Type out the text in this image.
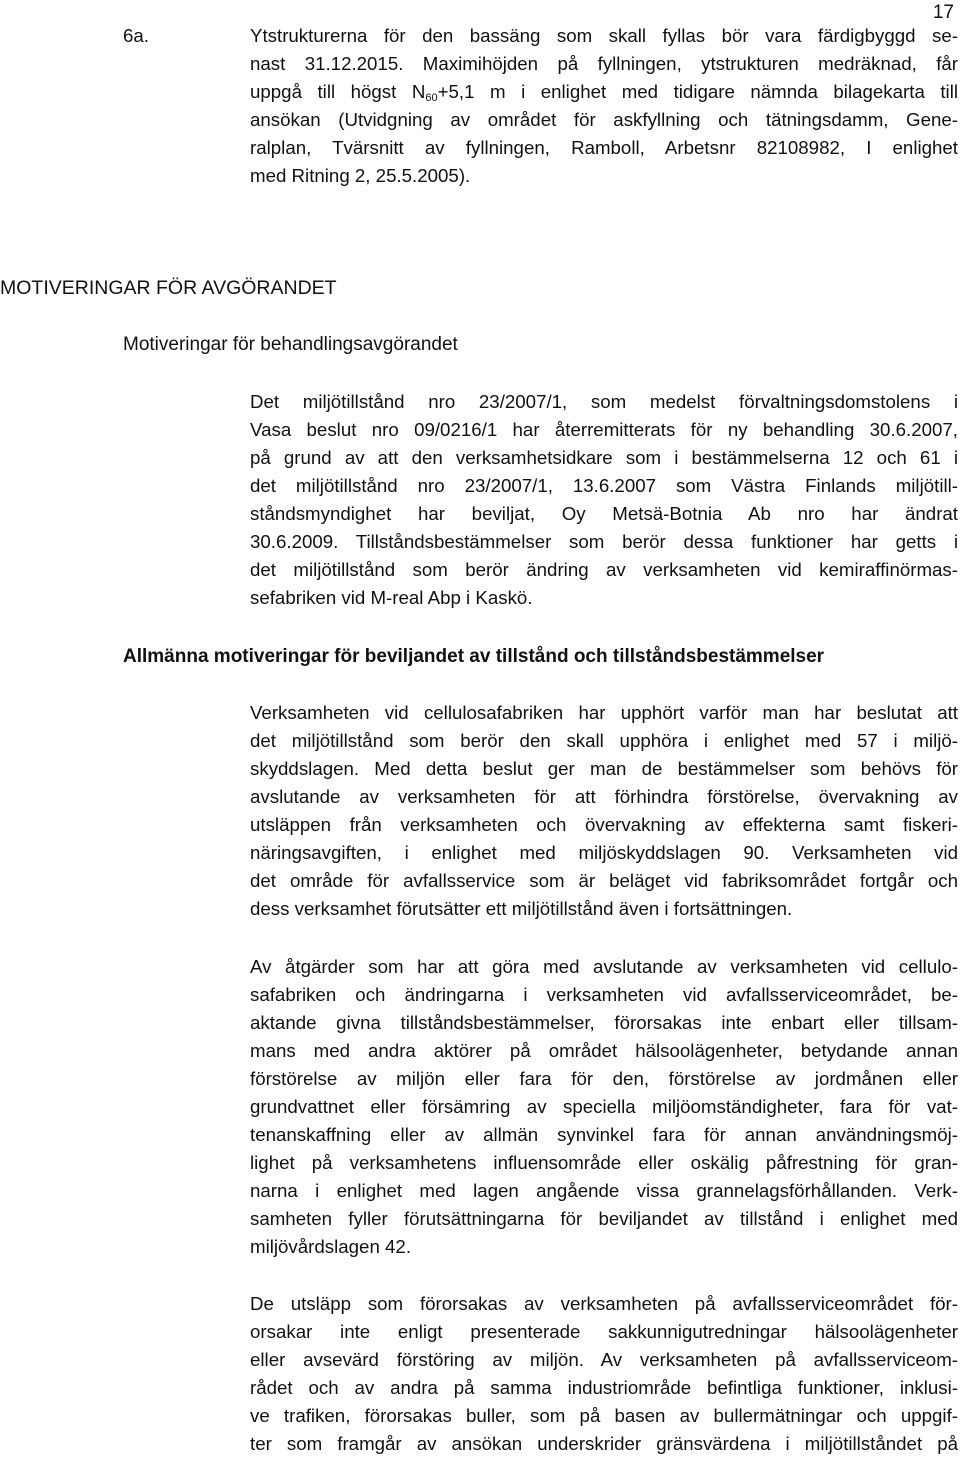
17
6a.	Ytstrukturerna för den bassäng som skall fyllas bör vara färdigbyggd se-
nast 31.12.2015. Maximihöjden på fyllningen, ytstrukturen medräknad, får
uppgå till högst $N_{60}+5,1$ m i enlighet med tidigare nämnda bilagekarta till
ansökan (Utvidgning av området för askfyllning och tätningsdamm, Gene-
ralplan, Tvärsnitt av fyllningen, Ramboll, Arbetsnr 82108982, I enlighet
med Ritning 2, 25.5.2005).
MOTIVERINGAR FÖR AVGÖRANDET
Motiveringar för behandlingsavgörandet
Det miljötillstånd nro 23/2007/1, som medelst förvaltningsdomstolens i
Vasa beslut nro 09/0216/1 har återremitterats för ny behandling 30.6.2007,
på grund av att den verksamhetsidkare som i bestämmelserna 12 och 61 i
det miljötillstånd nro 23/2007/1, 13.6.2007 som Västra Finlands miljötill-
ståndsmyndighet har beviljat, Oy Metsä-Botnia Ab nro har ändrat
30.6.2009. Tillståndsbestämmelser som berör dessa funktioner har getts i
det miljötillstånd som berör ändring av verksamheten vid kemiraffinörmas-
sefabriken vid M-real Abp i Kaskö.
Allmänna motiveringar för beviljandet av tillstånd och tillståndsbestämmelser
Verksamheten vid cellulosafabriken har upphört varför man har beslutat att
det miljötillstånd som berör den skall upphöra i enlighet med 57 i miljö-
skyddslagen. Med detta beslut ger man de bestämmelser som behövs för
avslutande av verksamheten för att förhindra förstörelse, övervakning av
utsläppen från verksamheten och övervakning av effekterna samt fiskeri-
näringsavgiften, i enlighet med miljöskyddslagen 90. Verksamheten vid
det område för avfallsservice som är beläget vid fabriksområdet fortgår och
dess verksamhet förutsätter ett miljötillstånd även i fortsättningen.
Av åtgärder som har att göra med avslutande av verksamheten vid cellulo-
safabriken och ändringarna i verksamheten vid avfallsserviceområdet, be-
aktande givna tillståndsbestämmelser, förorsakas inte enbart eller tillsam-
mans med andra aktörer på området hälsoolägenheter, betydande annan
förstörelse av miljön eller fara för den, förstörelse av jordmånen eller
grundvattnet eller försämring av speciella miljöomständigheter, fara för vat-
tenanskaffning eller av allmän synvinkel fara för annan användningsmöj-
lighet på verksamhetens influensområde eller oskälig påfrestning för gran-
narna i enlighet med lagen angående vissa grannelagsförhållanden. Verk-
samheten fyller förutsättningarna för beviljandet av tillstånd i enlighet med
miljövårdslagen 42.
De utsläpp som förorsakas av verksamheten på avfallsserviceområdet för-
orsakar inte enligt presenterade sakkunnigutredningar hälsoolägenheter
eller avsevärd förstöring av miljön. Av verksamheten på avfallsserviceom-
rådet och av andra på samma industriområde befintliga funktioner, inklusi-
ve trafiken, förorsakas buller, som på basen av bullermätningar och uppgif-
ter som framgår av ansökan underskrider gränsvärdena i miljötillståndet på
